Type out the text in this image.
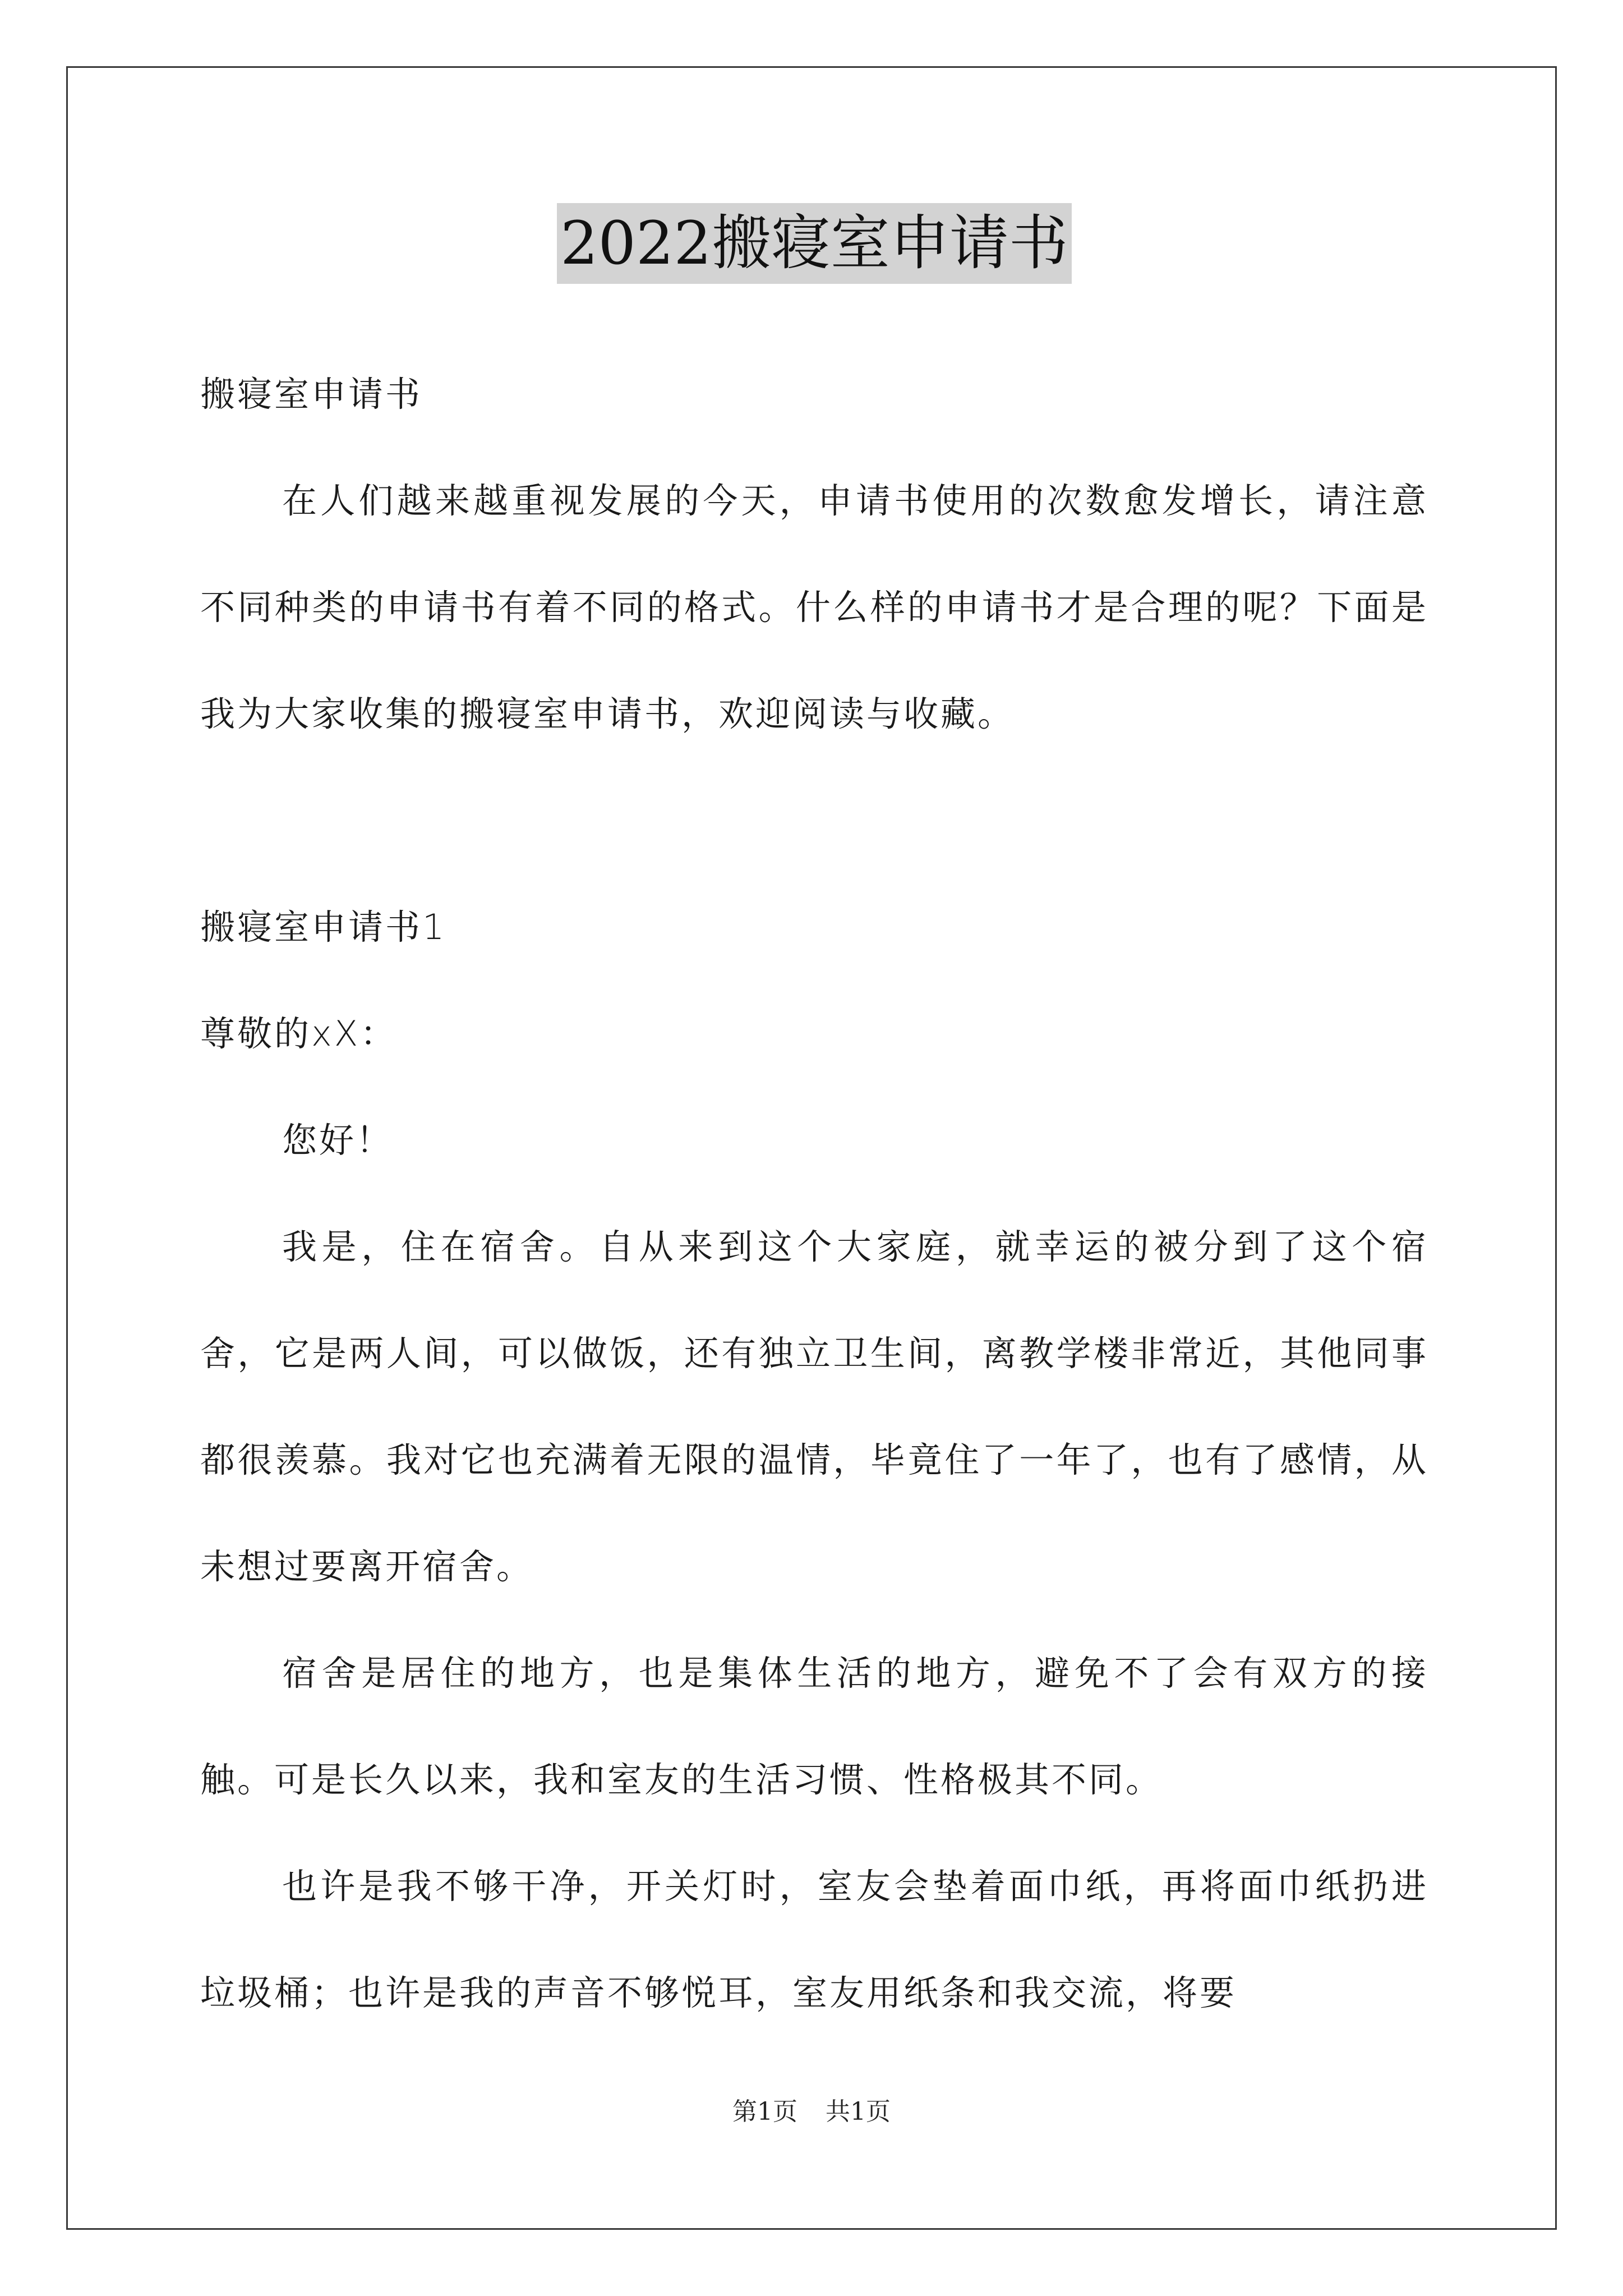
2022搬寝室申请书

搬寝室申请书

在人们越来越重视发展的今天，申请书使用的次数愈发增长，请注意不同种类的申请书有着不同的格式。什么样的申请书才是合理的呢？下面是我为大家收集的搬寝室申请书，欢迎阅读与收藏。

搬寝室申请书1

尊敬的xX：

您好！

我是，住在宿舍。自从来到这个大家庭，就幸运的被分到了这个宿舍，它是两人间，可以做饭，还有独立卫生间，离教学楼非常近，其他同事都很羡慕。我对它也充满着无限的温情，毕竟住了一年了，也有了感情，从未想过要离开宿舍。

宿舍是居住的地方，也是集体生活的地方，避免不了会有双方的接触。可是长久以来，我和室友的生活习惯、性格极其不同。

也许是我不够干净，开关灯时，室友会垫着面巾纸，再将面巾纸扔进垃圾桶；也许是我的声音不够悦耳，室友用纸条和我交流，将要

第1页 共1页
